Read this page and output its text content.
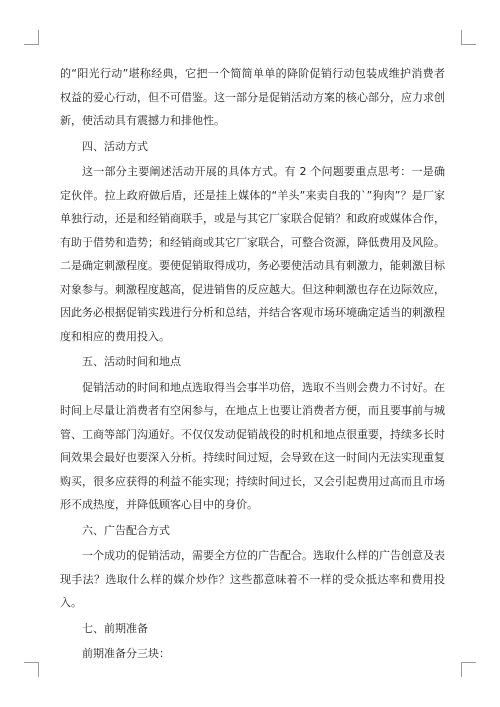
的“阳光行动”堪称经典，它把一个简简单单的降阶促销行动包装成维护消费者权益的爱心行动，但不可借鉴。这一部分是促销活动方案的核心部分，应力求创新，使活动具有震撼力和排他性。

四、活动方式

这一部分主要阐述活动开展的具体方式。有 2 个问题要重点思考：一是确定伙伴。拉上政府做后盾，还是挂上媒体的“羊头”来卖自我的`”狗肉”？是厂家单独行动，还是和经销商联手，或是与其它厂家联合促销？和政府或媒体合作，有助于借势和造势；和经销商或其它厂家联合，可整合资源，降低费用及风险。二是确定刺激程度。要使促销取得成功，务必要使活动具有刺激力，能刺激目标对象参与。刺激程度越高，促进销售的反应越大。但这种刺激也存在边际效应，因此务必根据促销实践进行分析和总结，并结合客观市场环境确定适当的刺激程度和相应的费用投入。

五、活动时间和地点

促销活动的时间和地点选取得当会事半功倍，选取不当则会费力不讨好。在时间上尽量让消费者有空闲参与，在地点上也要让消费者方便，而且要事前与城管、工商等部门沟通好。不仅仅发动促销战役的时机和地点很重要，持续多长时间效果会最好也要深入分析。持续时间过短，会导致在这一时间内无法实现重复购买，很多应获得的利益不能实现；持续时间过长，又会引起费用过高而且市场形不成热度，并降低顾客心目中的身价。

六、广告配合方式

一个成功的促销活动，需要全方位的广告配合。选取什么样的广告创意及表现手法？选取什么样的媒介炒作？这些都意味着不一样的受众抵达率和费用投入。

七、前期准备

前期准备分三块：
